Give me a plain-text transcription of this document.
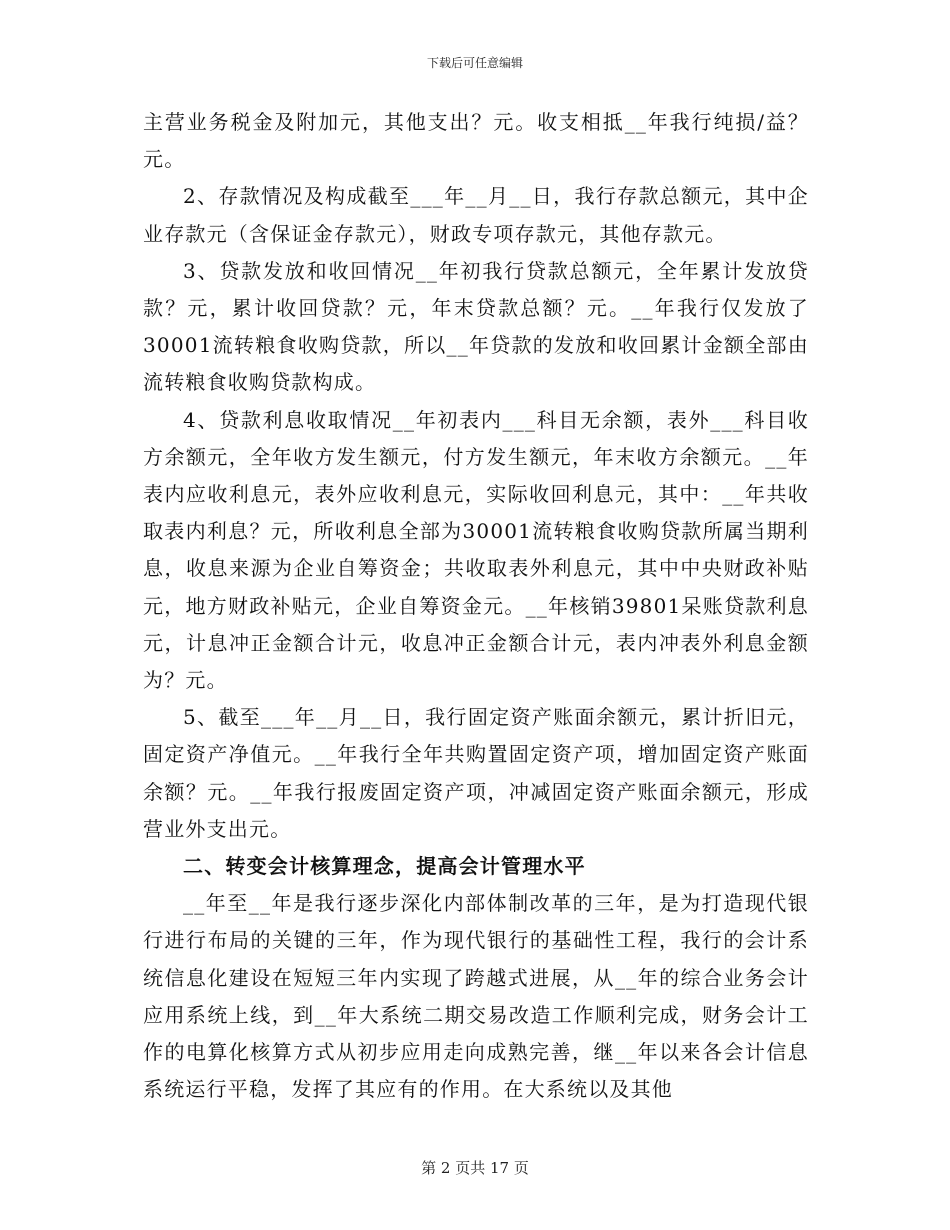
下载后可任意编辑

主营业务税金及附加元，其他支出？元。收支相抵__年我行纯损/益？元。

2、存款情况及构成截至___年__月__日，我行存款总额元，其中企业存款元（含保证金存款元），财政专项存款元，其他存款元。

3、贷款发放和收回情况__年初我行贷款总额元，全年累计发放贷款？元，累计收回贷款？元，年末贷款总额？元。__年我行仅发放了30001流转粮食收购贷款，所以__年贷款的发放和收回累计金额全部由流转粮食收购贷款构成。

4、贷款利息收取情况__年初表内___科目无余额，表外___科目收方余额元，全年收方发生额元，付方发生额元，年末收方余额元。__年表内应收利息元，表外应收利息元，实际收回利息元，其中：__年共收取表内利息？元，所收利息全部为30001流转粮食收购贷款所属当期利息，收息来源为企业自筹资金；共收取表外利息元，其中中央财政补贴元，地方财政补贴元，企业自筹资金元。__年核销39801呆账贷款利息元，计息冲正金额合计元，收息冲正金额合计元，表内冲表外利息金额为？元。

5、截至___年__月__日，我行固定资产账面余额元，累计折旧元，固定资产净值元。__年我行全年共购置固定资产项，增加固定资产账面余额？元。__年我行报废固定资产项，冲减固定资产账面余额元，形成营业外支出元。

二、转变会计核算理念，提高会计管理水平

__年至__年是我行逐步深化内部体制改革的三年，是为打造现代银行进行布局的关键的三年，作为现代银行的基础性工程，我行的会计系统信息化建设在短短三年内实现了跨越式进展，从__年的综合业务会计应用系统上线，到__年大系统二期交易改造工作顺利完成，财务会计工作的电算化核算方式从初步应用走向成熟完善，继__年以来各会计信息系统运行平稳，发挥了其应有的作用。在大系统以及其他

第 2 页共 17 页
